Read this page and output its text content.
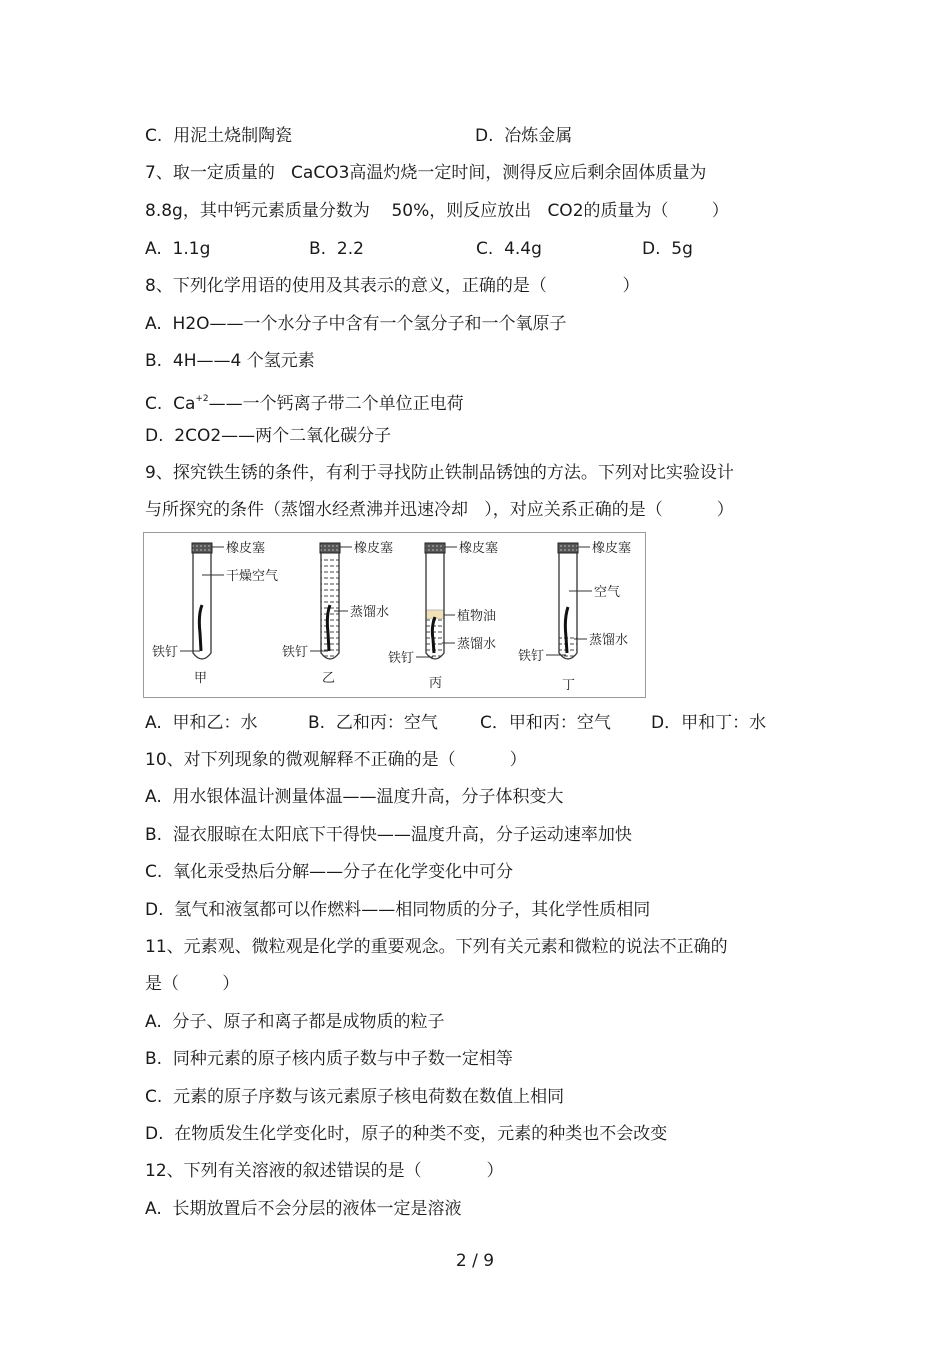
C.  用泥土烧制陶瓷	D.  冶炼金属
7、取一定质量的   CaCO3高温灼烧一定时间，测得反应后剩余固体质量为
8.8g，其中钙元素质量分数为    50%，则反应放出   CO2的质量为（        ）
A.  1.1g	B.  2.2	C.  4.4g	D.  5g
8、下列化学用语的使用及其表示的意义，正确的是（              ）
A.  H2O——一个水分子中含有一个氢分子和一个氧原子
B.  4H——4 个氢元素
C.  $Ca^{+2}——$一个钙离子带二个单位正电荷
D.  2CO2——两个二氧化碳分子
9、探究铁生锈的条件，有利于寻找防止铁制品锈蚀的方法。下列对比实验设计
与所探究的条件（蒸馏水经煮沸并迅速冷却   ），对应关系正确的是（          ）
橡皮塞
干燥空气
铁钉
甲
橡皮塞
蒸馏水
铁钉
乙
橡皮塞
植物油
蒸馏水
铁钉
丙
橡皮塞
空气
蒸馏水
铁钉
丁
A.  甲和乙：水	B.  乙和丙：空气 C．甲和丙：空气 D．甲和丁：水
10、对下列现象的微观解释不正确的是（          ）
A.  用水银体温计测量体温——温度升高，分子体积变大
B.  湿衣服晾在太阳底下干得快——温度升高，分子运动速率加快
C.  氧化汞受热后分解——分子在化学变化中可分
D.  氢气和液氢都可以作燃料——相同物质的分子，其化学性质相同
11、元素观、微粒观是化学的重要观念。下列有关元素和微粒的说法不正确的
是（        ）
A.  分子、原子和离子都是成物质的粒子
B.  同种元素的原子核内质子数与中子数一定相等
C.  元素的原子序数与该元素原子核电荷数在数值上相同
D.  在物质发生化学变化时，原子的种类不变，元素的种类也不会改变
12、下列有关溶液的叙述错误的是（            ）
A.  长期放置后不会分层的液体一定是溶液
2 / 9
